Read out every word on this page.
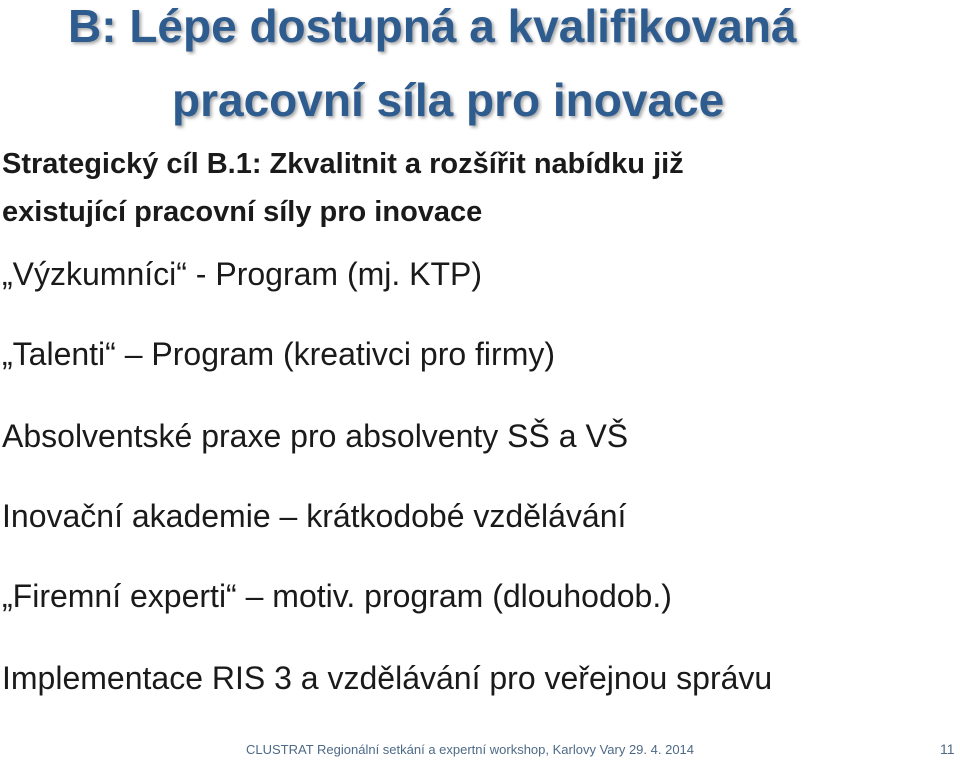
B: Lépe dostupná a kvalifikovaná
pracovní síla pro inovace
Strategický cíl B.1: Zkvalitnit a rozšířit nabídku již
existující pracovní síly pro inovace
„Výzkumníci“ - Program (mj. KTP)
„Talenti“ – Program (kreativci pro firmy)
Absolventské praxe pro absolventy SŠ a VŠ
Inovační akademie – krátkodobé vzdělávání
„Firemní experti“ – motiv. program (dlouhodob.)
Implementace RIS 3 a vzdělávání pro veřejnou správu
CLUSTRAT Regionální setkání a expertní workshop, Karlovy Vary 29. 4. 2014	11
